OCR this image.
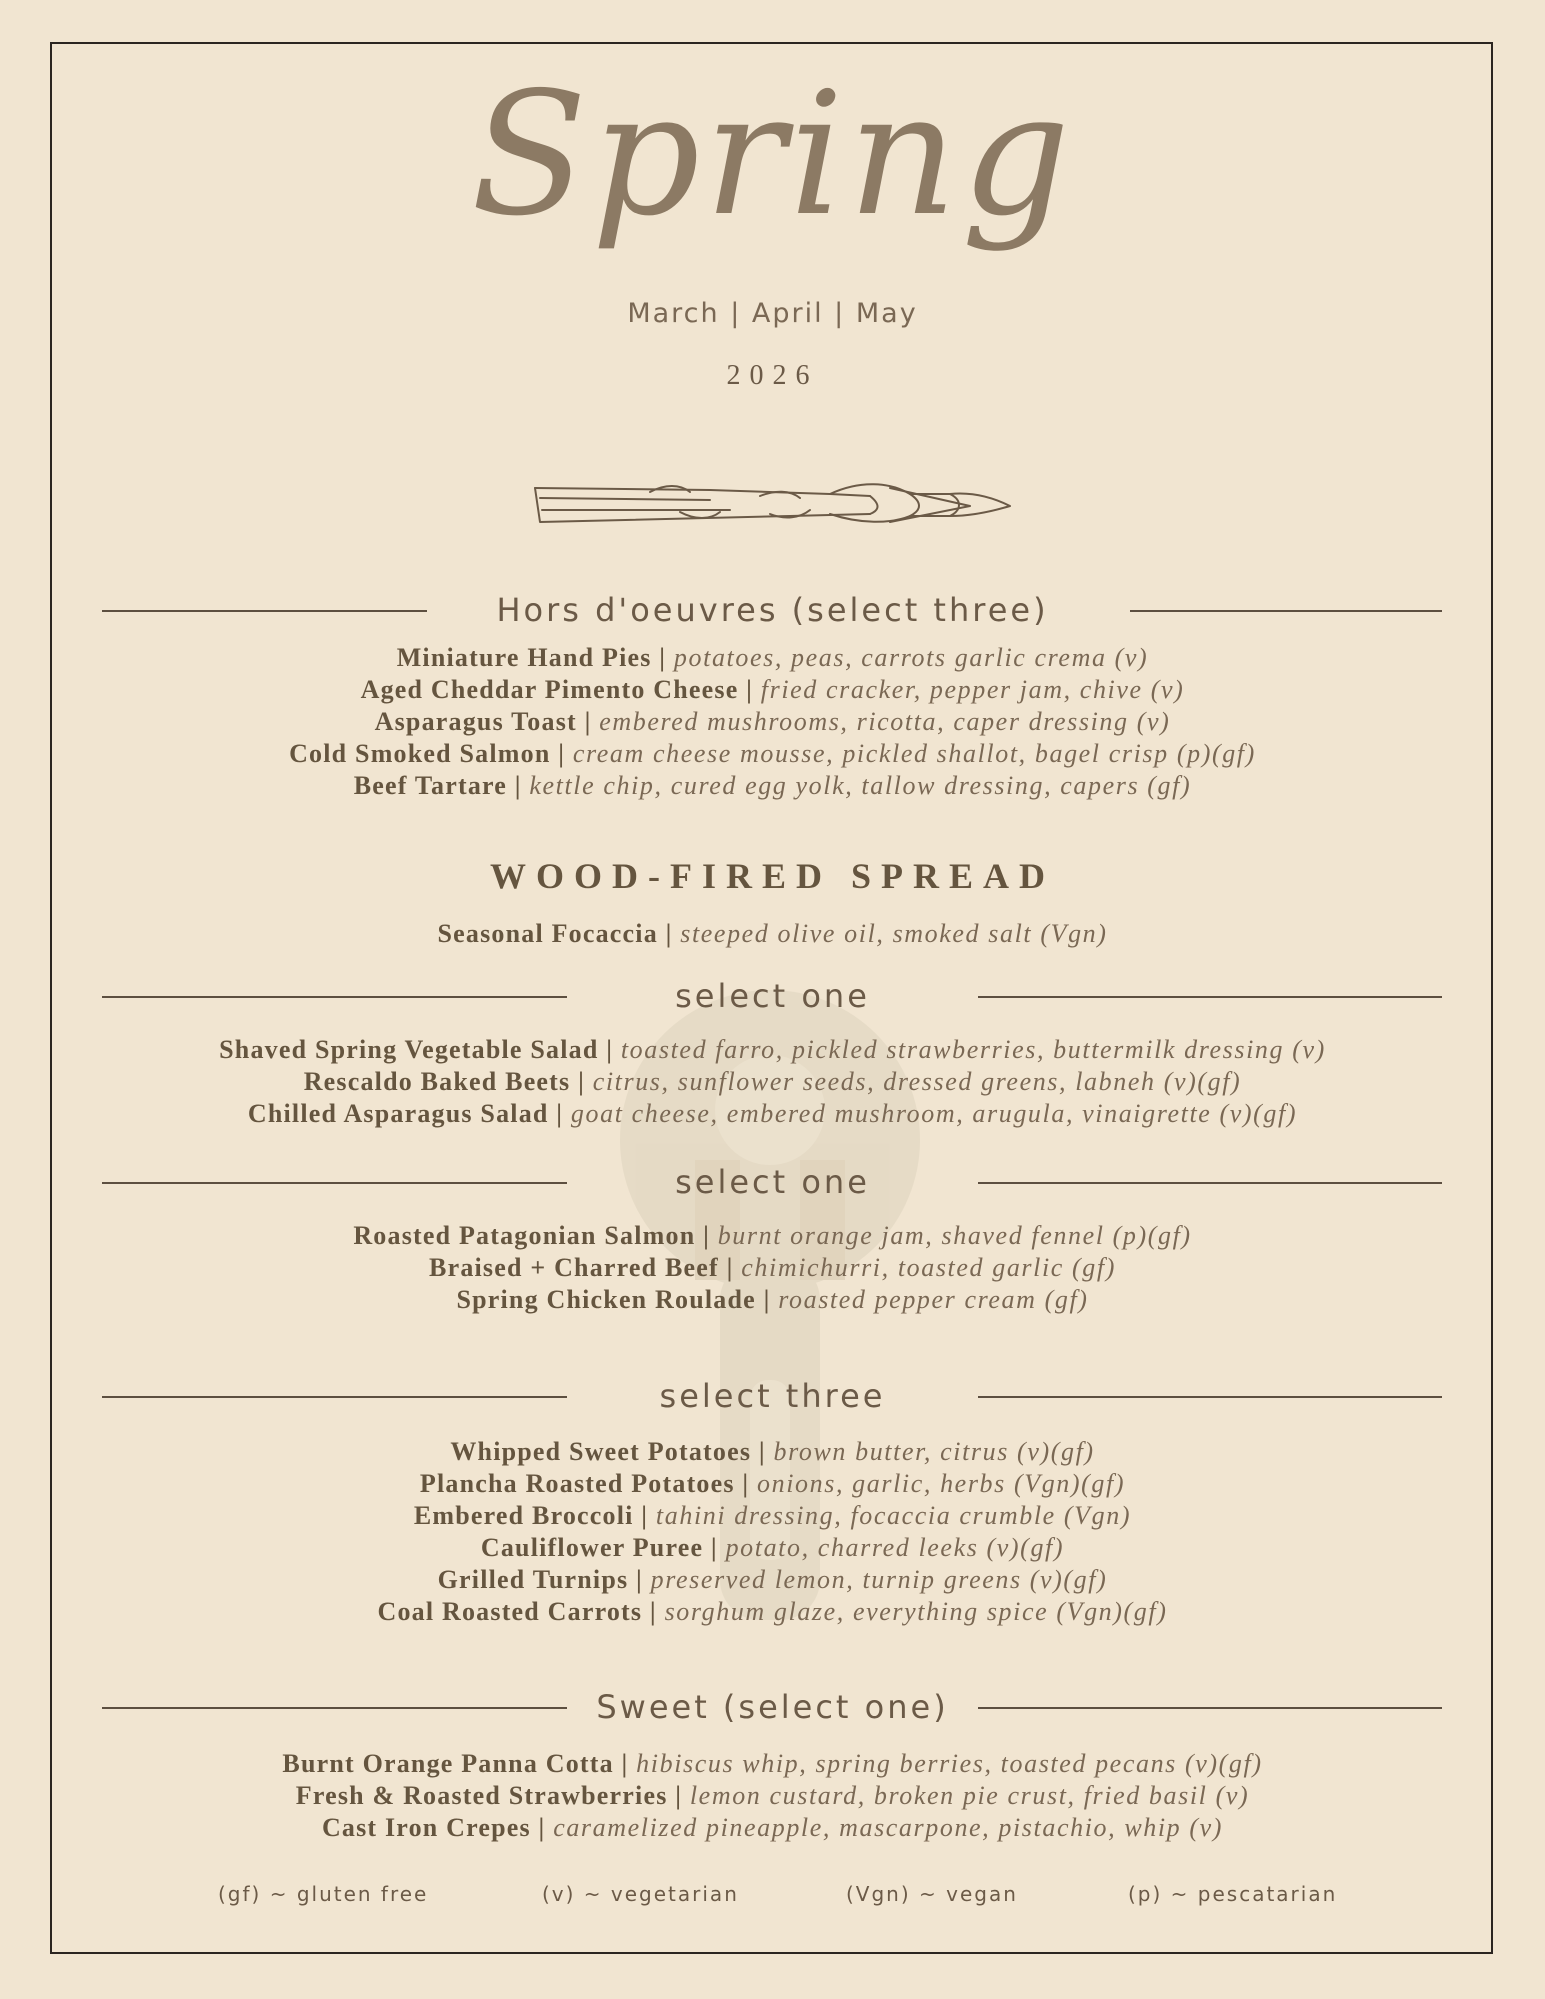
Spring
March | April | May
2026
Hors d'oeuvres (select three)
Miniature Hand Pies | potatoes, peas, carrots garlic crema (v)
Aged Cheddar Pimento Cheese | fried cracker, pepper jam, chive (v)
Asparagus Toast | embered mushrooms, ricotta, caper dressing (v)
Cold Smoked Salmon | cream cheese mousse, pickled shallot, bagel crisp (p)(gf)
Beef Tartare | kettle chip, cured egg yolk, tallow dressing, capers (gf)
WOOD-FIRED SPREAD
Seasonal Focaccia | steeped olive oil, smoked salt (Vgn)
select one
Shaved Spring Vegetable Salad | toasted farro, pickled strawberries, buttermilk dressing (v)
Rescaldo Baked Beets | citrus, sunflower seeds, dressed greens, labneh (v)(gf)
Chilled Asparagus Salad | goat cheese, embered mushroom, arugula, vinaigrette (v)(gf)
select one
Roasted Patagonian Salmon | burnt orange jam, shaved fennel (p)(gf)
Braised + Charred Beef | chimichurri, toasted garlic (gf)
Spring Chicken Roulade | roasted pepper cream (gf)
select three
Whipped Sweet Potatoes | brown butter, citrus (v)(gf)
Plancha Roasted Potatoes | onions, garlic, herbs (Vgn)(gf)
Embered Broccoli | tahini dressing, focaccia crumble (Vgn)
Cauliflower Puree | potato, charred leeks (v)(gf)
Grilled Turnips | preserved lemon, turnip greens (v)(gf)
Coal Roasted Carrots | sorghum glaze, everything spice (Vgn)(gf)
Sweet (select one)
Burnt Orange Panna Cotta | hibiscus whip, spring berries, toasted pecans (v)(gf)
Fresh & Roasted Strawberries | lemon custard, broken pie crust, fried basil (v)
Cast Iron Crepes | caramelized pineapple, mascarpone, pistachio, whip (v)
(gf) ~ gluten free	(v) ~ vegetarian	(Vgn) ~ vegan	(p) ~ pescatarian
